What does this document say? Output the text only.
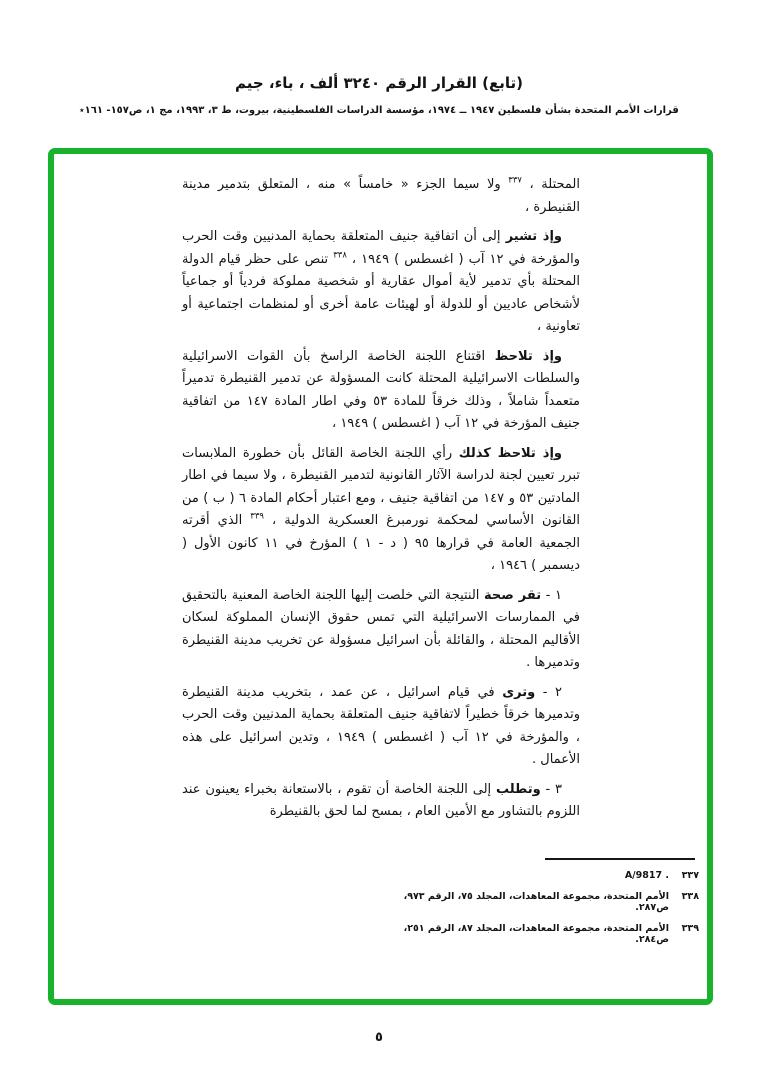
(تابع) القرار الرقم ٣٢٤٠ ألف ، باء، جيم
قرارات الأمم المتحدة بشأن فلسطين ١٩٤٧ ــ ١٩٧٤، مؤسسة الدراسات الفلسطينية، بيروت، ط ٣، ١٩٩٣، مج ١، ص١٥٧- ١٦١٭

المحتلة ، $^{٣٣٧}$ ولا سيما الجزء « خامساً » منه ، المتعلق بتدمير مدينة القنيطرة ،

وإذ تشير إلى أن اتفاقية جنيف المتعلقة بحماية المدنيين وقت الحرب والمؤرخة في ١٢ آب ( اغسطس ) ١٩٤٩ ، $^{٣٣٨}$ تنص على حظر قيام الدولة المحتلة بأي تدمير لأية أموال عقارية أو شخصية مملوكة فردياً أو جماعياً لأشخاص عاديين أو للدولة أو لهيئات عامة أخرى أو لمنظمات اجتماعية أو تعاونية ،

وإذ تلاحظ اقتناع اللجنة الخاصة الراسخ بأن القوات الاسرائيلية والسلطات الاسرائيلية المحتلة كانت المسؤولة عن تدمير القنيطرة تدميراً متعمداً شاملاً ، وذلك خرقاً للمادة ٥٣ وفي اطار المادة ١٤٧ من اتفاقية جنيف المؤرخة في ١٢ آب ( اغسطس ) ١٩٤٩ ،

وإذ تلاحظ كذلك رأي اللجنة الخاصة القائل بأن خطورة الملابسات تبرر تعيين لجنة لدراسة الآثار القانونية لتدمير القنيطرة ، ولا سيما في اطار المادتين ٥٣ و ١٤٧ من اتفاقية جنيف ، ومع اعتبار أحكام المادة ٦ ( ب ) من القانون الأساسي لمحكمة نورمبرغ العسكرية الدولية ، $^{٣٣٩}$ الذي أقرته الجمعية العامة في قرارها ٩٥ ( د - ١ ) المؤرخ في ١١ كانون الأول ( ديسمبر ) ١٩٤٦ ،

١ - تقر صحة النتيجة التي خلصت إليها اللجنة الخاصة المعنية بالتحقيق في الممارسات الاسرائيلية التي تمس حقوق الإنسان المملوكة لسكان الأقاليم المحتلة ، والقائلة بأن اسرائيل مسؤولة عن تخريب مدينة القنيطرة وتدميرها .

٢ - وترى في قيام اسرائيل ، عن عمد ، بتخريب مدينة القنيطرة وتدميرها خرقاً خطيراً لاتفاقية جنيف المتعلقة بحماية المدنيين وقت الحرب ، والمؤرخة في ١٢ آب ( اغسطس ) ١٩٤٩ ، وتدين اسرائيل على هذه الأعمال .

٣ - وتطلب إلى اللجنة الخاصة أن تقوم ، بالاستعانة بخبراء يعينون عند اللزوم بالتشاور مع الأمين العام ، بمسح لما لحق بالقنيطرة

٣٣٧
A/9817 .
٣٣٨
الأمم المتحدة، مجموعة المعاهدات، المجلد ٧٥، الرقم ٩٧٣، ص٢٨٧.
٣٣٩
الأمم المتحدة، مجموعة المعاهدات، المجلد ٨٧، الرقم ٢٥١، ص٢٨٤.
٥
